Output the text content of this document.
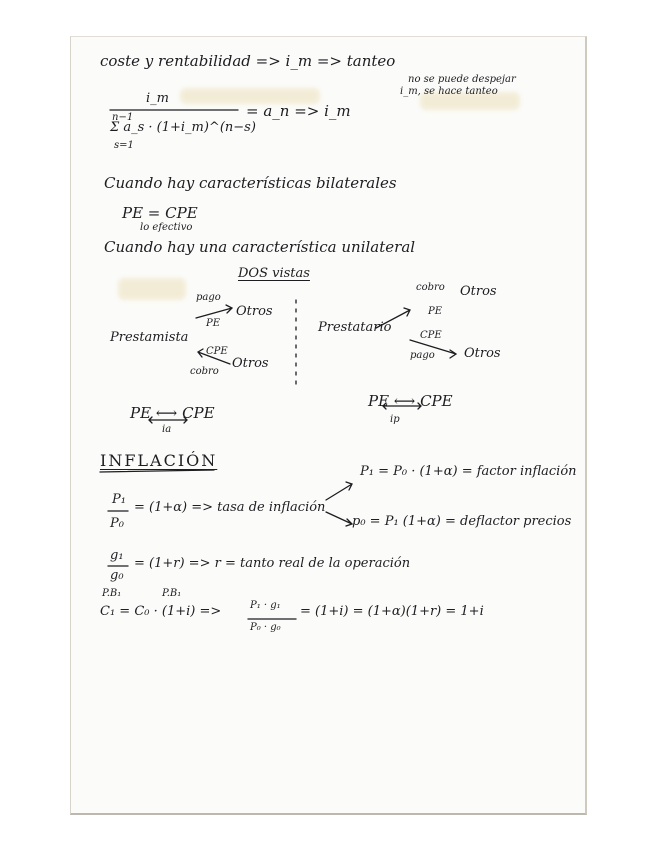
coste y rentabilidad => i_m => tanteo
no se puede despejar
i_m, se hace tanteo
i_m
n−1
Σ a_s · (1+i_m)^(n−s)
s=1
= a_n => i_m
Cuando hay características bilaterales
PE = CPE
lo efectivo
Cuando hay una característica unilateral
DOS vistas
Prestamista
pago
PE
Otros
CPE
cobro
Otros
Prestatario
cobro Otros
PE
CPE
pago Otros
PE ⟷ CPE
ia
PE ⟷ CPE
ip
INFLACIÓN
P₁
P₀
= (1+α) => tasa de inflación
P₁ = P₀ · (1+α) = factor inflación
p₀ = P₁ (1+α) = deflactor precios
g₁
g₀
= (1+r) => r = tanto real de la operación
P.B₁	P.B₁
C₁ = C₀ · (1+i) =>	P₁ · g₁
P₀ · g₀
= (1+i) = (1+α)(1+r) = 1+i
